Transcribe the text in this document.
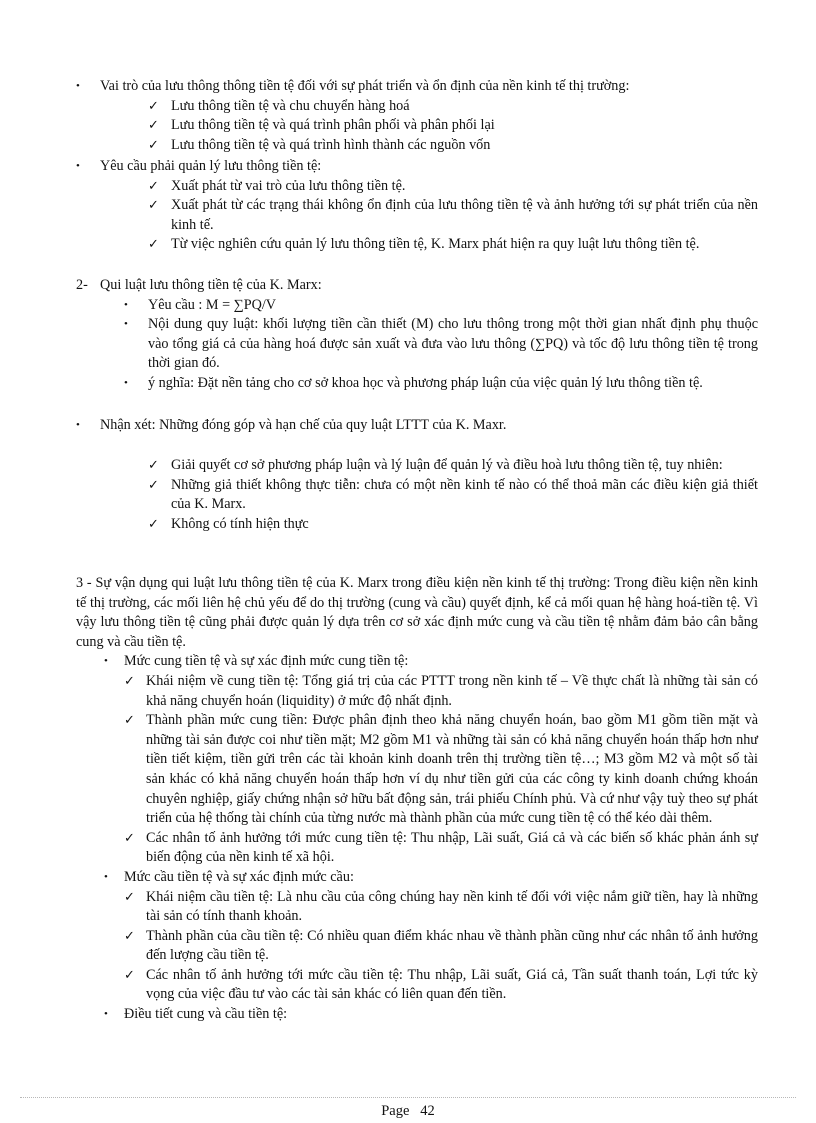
• Vai trò của lưu thông thông tiền tệ đối với sự phát triển và ổn định của nền kinh tế thị trường:
✓ Lưu thông tiền tệ và chu chuyển hàng hoá
✓ Lưu thông tiền tệ và quá trình phân phối và phân phối lại
✓ Lưu thông tiền tệ và quá trình hình thành các nguồn vốn
• Yêu cầu phải quản lý lưu thông tiền tệ:
✓ Xuất phát từ vai trò của lưu thông tiền tệ.
✓ Xuất phát từ các trạng thái không ổn định của lưu thông tiền tệ và ảnh hưởng tới sự phát triển của nền kinh tế.
✓ Từ việc nghiên cứu quản lý lưu thông tiền tệ, K. Marx phát hiện ra quy luật lưu thông tiền tệ.
2- Qui luật lưu thông tiền tệ của K. Marx:
• Yêu cầu : M = ∑PQ/V
• Nội dung quy luật: khối lượng tiền cần thiết (M) cho lưu thông trong một thời gian nhất định phụ thuộc vào tổng giá cả của hàng hoá được sản xuất và đưa vào lưu thông (∑PQ) và tốc độ lưu thông tiền tệ trong thời gian đó.
• ý nghĩa: Đặt nền tảng cho cơ sở khoa học và phương pháp luận của việc quản lý lưu thông tiền tệ.
• Nhận xét: Những đóng góp và hạn chế của quy luật LTTT của K. Maxr.
✓ Giải quyết cơ sở phương pháp luận và lý luận để quản lý và điều hoà lưu thông tiền tệ, tuy nhiên:
✓ Những giả thiết không thực tiễn: chưa có một nền kinh tế nào có thể thoả mãn các điều kiện giả thiết của K. Marx.
✓ Không có tính hiện thực
3 - Sự vận dụng qui luật lưu thông tiền tệ của K. Marx trong điều kiện nền kinh tế thị trường: Trong điều kiện nền kinh tế thị trường, các mối liên hệ chủ yếu để do thị trường (cung và cầu) quyết định, kể cả mối quan hệ hàng hoá-tiền tệ. Vì vậy lưu thông tiền tệ cũng phải được quản lý dựa trên cơ sở xác định mức cung và cầu tiền tệ nhằm đảm bảo cân bằng cung và cầu tiền tệ.
• Mức cung tiền tệ và sự xác định mức cung tiền tệ:
✓ Khái niệm về cung tiền tệ: Tổng giá trị của các PTTT trong nền kinh tế – Về thực chất là những tài sản có khả năng chuyển hoán (liquidity) ở mức độ nhất định.
✓ Thành phần mức cung tiền: Được phân định theo khả năng chuyển hoán, bao gồm M1 gồm tiền mặt và những tài sản được coi như tiền mặt; M2 gồm M1 và những tài sản có khả năng chuyển hoán thấp hơn như tiền tiết kiệm, tiền gửi trên các tài khoản kinh doanh trên thị trường tiền tệ…; M3 gồm M2 và một số tài sản khác có khả năng chuyển hoán thấp hơn ví dụ như tiền gửi của các công ty kinh doanh chứng khoán chuyên nghiệp, giấy chứng nhận sở hữu bất động sản, trái phiếu Chính phủ. Và cứ như vậy tuỳ theo sự phát triển của hệ thống tài chính của từng nước mà thành phần của mức cung tiền tệ có thể kéo dài thêm.
✓ Các nhân tố ảnh hưởng tới mức cung tiền tệ: Thu nhập, Lãi suất, Giá cả và các biến số khác phản ánh sự biến động của nền kinh tế xã hội.
• Mức cầu tiền tệ và sự xác định mức cầu:
✓ Khái niệm cầu tiền tệ: Là nhu cầu của công chúng hay nền kinh tế đối với việc nắm giữ tiền, hay là những tài sản có tính thanh khoản.
✓ Thành phần của cầu tiền tệ: Có nhiều quan điểm khác nhau về thành phần cũng như các nhân tố ảnh hưởng đến lượng cầu tiền tệ.
✓ Các nhân tố ảnh hưởng tới mức cầu tiền tệ: Thu nhập, Lãi suất, Giá cả, Tần suất thanh toán, Lợi tức kỳ vọng của việc đầu tư vào các tài sản khác có liên quan đến tiền.
• Điều tiết cung và cầu tiền tệ:
Page 42
